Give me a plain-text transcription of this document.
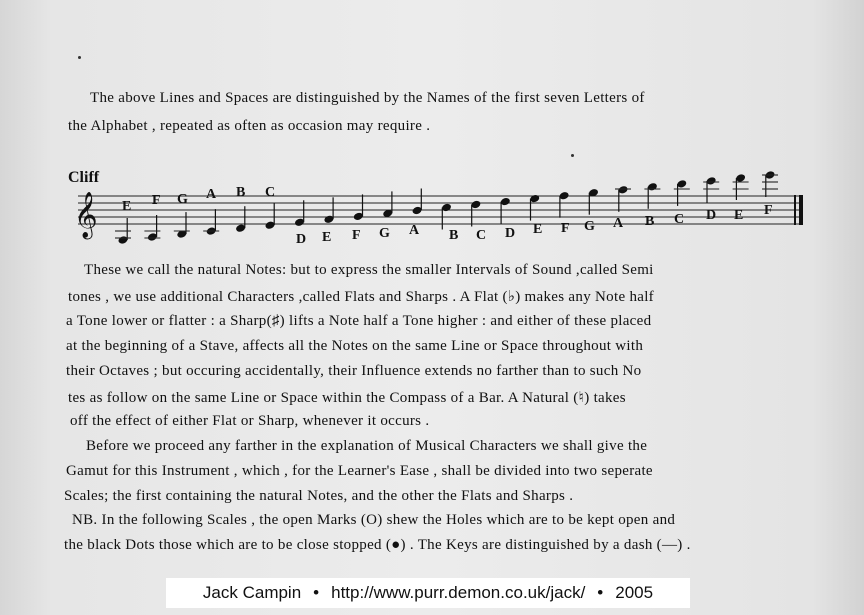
The above Lines and Spaces are distinguished by the Names of the first seven Letters of
the Alphabet , repeated as often as occasion may require .
Cliff
𝄞 E F G A B C
D E F G A B C D E F G A B C D E F
These we call the natural Notes: but to express the smaller Intervals of Sound ,called Semi
tones , we use additional Characters ,called Flats and Sharps . A Flat (♭) makes any Note half
a Tone lower or flatter : a Sharp(♯) lifts a Note half a Tone higher : and either of these placed
at the beginning of a Stave, affects all the Notes on the same Line or Space throughout with
their Octaves ; but occuring accidentally, their Influence extends no farther than to such No
tes as follow on the same Line or Space within the Compass of a Bar. A Natural (♮) takes
off the effect of either Flat or Sharp, whenever it occurs .
Before we proceed any farther in the explanation of Musical Characters we shall give the
Gamut for this Instrument , which , for the Learner's Ease , shall be divided into two seperate
Scales; the first containing the natural Notes, and the other the Flats and Sharps .
NB. In the following Scales , the open Marks (O) shew the Holes which are to be kept open and
the black Dots those which are to be close stopped (●) . The Keys are distinguished by a dash (—) .
Jack Campin • http://www.purr.demon.co.uk/jack/ • 2005
